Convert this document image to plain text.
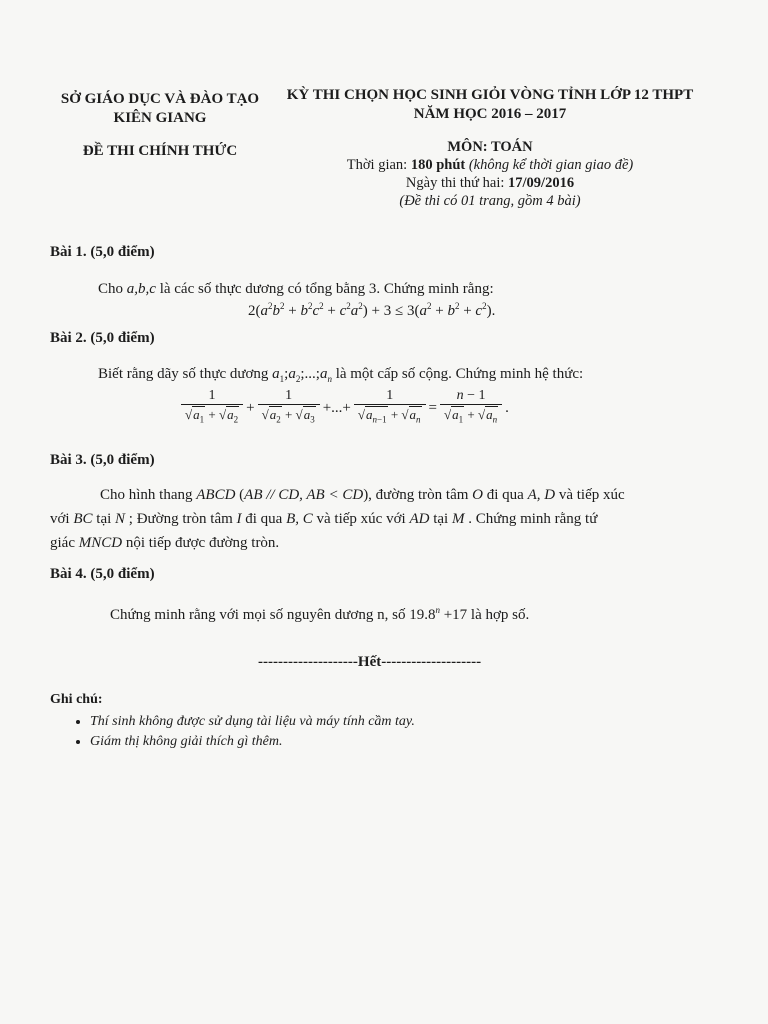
SỞ GIÁO DỤC VÀ ĐÀO TẠO
KIÊN GIANG
KỲ THI CHỌN HỌC SINH GIỎI VÒNG TỈNH LỚP 12 THPT
NĂM HỌC 2016 – 2017
ĐỀ THI CHÍNH THỨC	MÔN: TOÁN
Thời gian: 180 phút (không kể thời gian giao đề)
Ngày thi thứ hai: 17/09/2016
(Đề thi có 01 trang, gồm 4 bài)
Bài 1. (5,0 điểm)
Cho a,b,c là các số thực dương có tổng bằng 3. Chứng minh rằng:
$2(a^2b^2 + b^2c^2 + c^2a^2) + 3 \le 3(a^2 + b^2 + c^2)$.
Bài 2. (5,0 điểm)
Biết rằng dãy số thực dương $a_1;a_2;...;a_n$ là một cấp số cộng. Chứng minh hệ thức:
$\frac{1}{√a_1 + √a_2} + \frac{1}{√a_2 + √a_3}$ +...+ $\frac{1}{√a_{n-1} + √a_n} = \frac{n - 1}{√a_1 + √a_n}$ .
Bài 3. (5,0 điểm)
Cho hình thang ABCD (AB // CD, AB < CD), đường tròn tâm O đi qua A, D và tiếp xúc
với BC tại N ; Đường tròn tâm I đi qua B, C và tiếp xúc với AD tại M . Chứng minh rằng tứ
giác MNCD nội tiếp được đường tròn.
Bài 4. (5,0 điểm)
Chứng minh rằng với mọi số nguyên dương n, số $19.8^n +17$ là hợp số.
--------------------Hết--------------------
Ghi chú:
• Thí sinh không được sử dụng tài liệu và máy tính cầm tay.
• Giám thị không giải thích gì thêm.
